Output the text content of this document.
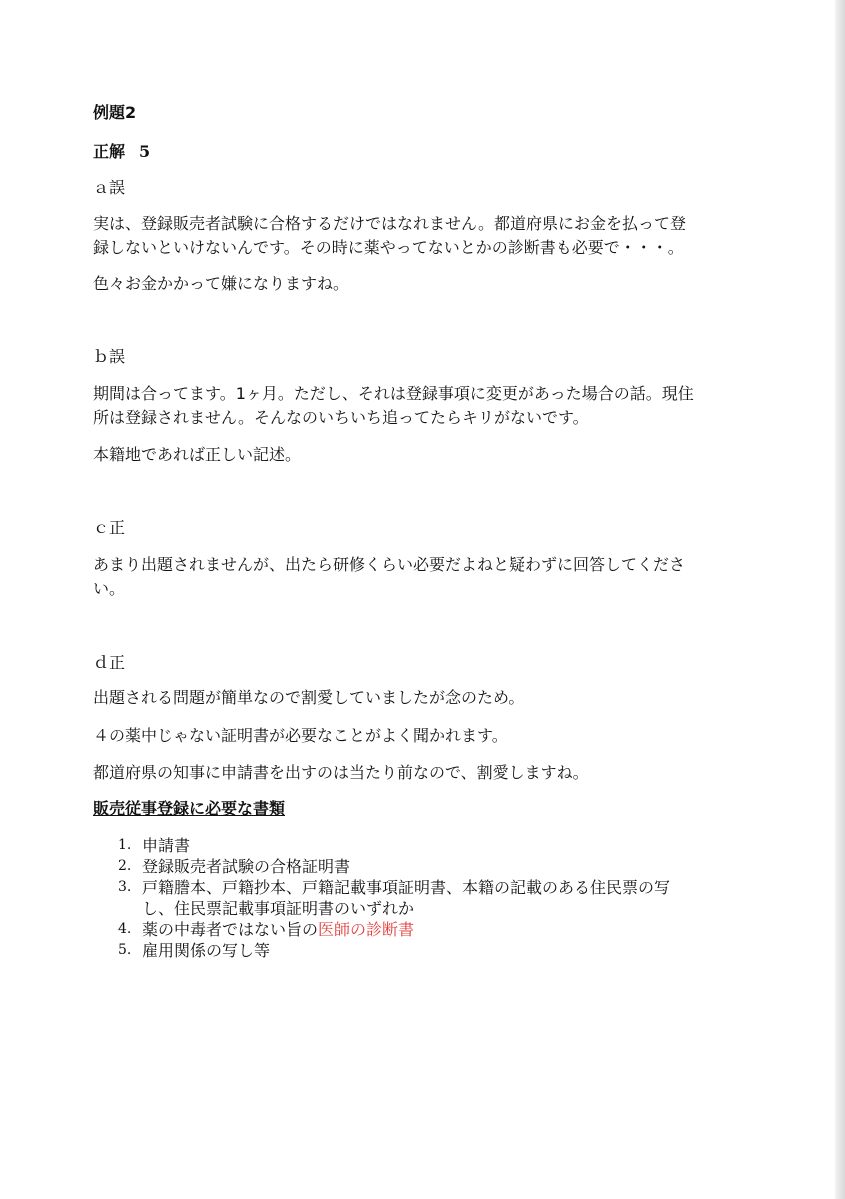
例題2
正解 5
ａ誤
実は、登録販売者試験に合格するだけではなれません。都道府県にお金を払って登
録しないといけないんです。その時に薬やってないとかの診断書も必要で・・・。
色々お金かかって嫌になりますね。
ｂ誤
期間は合ってます。1ヶ月。ただし、それは登録事項に変更があった場合の話。現住
所は登録されません。そんなのいちいち追ってたらキリがないです。
本籍地であれば正しい記述。
ｃ正
あまり出題されませんが、出たら研修くらい必要だよねと疑わずに回答してくださ
い。
ｄ正
出題される問題が簡単なので割愛していましたが念のため。
４の薬中じゃない証明書が必要なことがよく聞かれます。
都道府県の知事に申請書を出すのは当たり前なので、割愛しますね。
販売従事登録に必要な書類
1. 申請書
2. 登録販売者試験の合格証明書
3. 戸籍謄本、戸籍抄本、戸籍記載事項証明書、本籍の記載のある住民票の写
し、住民票記載事項証明書のいずれか
4. 薬の中毒者ではない旨の医師の診断書
5. 雇用関係の写し等
